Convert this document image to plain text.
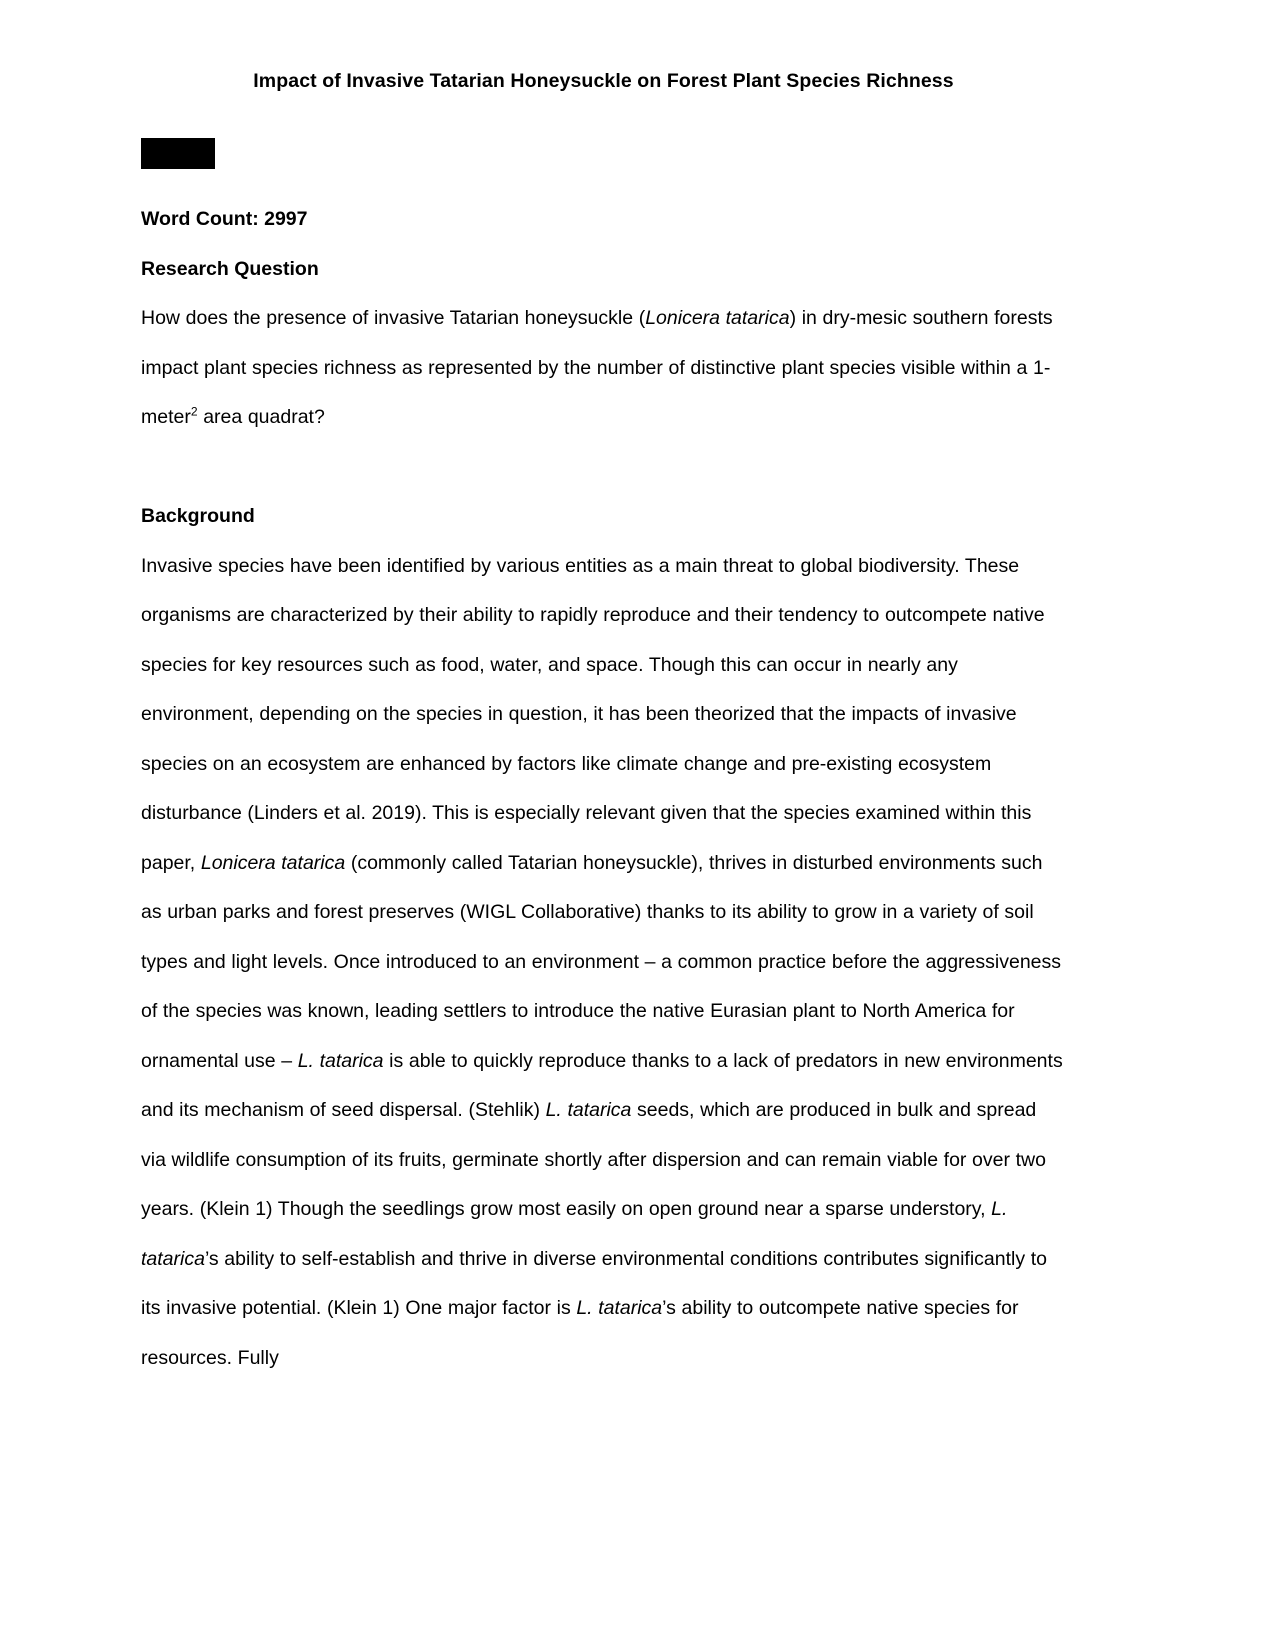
Impact of Invasive Tatarian Honeysuckle on Forest Plant Species Richness
Word Count: 2997
Research Question

How does the presence of invasive Tatarian honeysuckle (Lonicera tatarica) in dry-mesic southern forests impact plant species richness as represented by the number of distinctive plant species visible within a 1-meter$^2$ area quadrat?

Background

Invasive species have been identified by various entities as a main threat to global biodiversity. These organisms are characterized by their ability to rapidly reproduce and their tendency to outcompete native species for key resources such as food, water, and space. Though this can occur in nearly any environment, depending on the species in question, it has been theorized that the impacts of invasive species on an ecosystem are enhanced by factors like climate change and pre-existing ecosystem disturbance (Linders et al. 2019). This is especially relevant given that the species examined within this paper, Lonicera tatarica (commonly called Tatarian honeysuckle), thrives in disturbed environments such as urban parks and forest preserves (WIGL Collaborative) thanks to its ability to grow in a variety of soil types and light levels. Once introduced to an environment – a common practice before the aggressiveness of the species was known, leading settlers to introduce the native Eurasian plant to North America for ornamental use – L. tatarica is able to quickly reproduce thanks to a lack of predators in new environments and its mechanism of seed dispersal. (Stehlik) L. tatarica seeds, which are produced in bulk and spread via wildlife consumption of its fruits, germinate shortly after dispersion and can remain viable for over two years. (Klein 1) Though the seedlings grow most easily on open ground near a sparse understory, L. tatarica’s ability to self-establish and thrive in diverse environmental conditions contributes significantly to its invasive potential. (Klein 1) One major factor is L. tatarica’s ability to outcompete native species for resources. Fully
